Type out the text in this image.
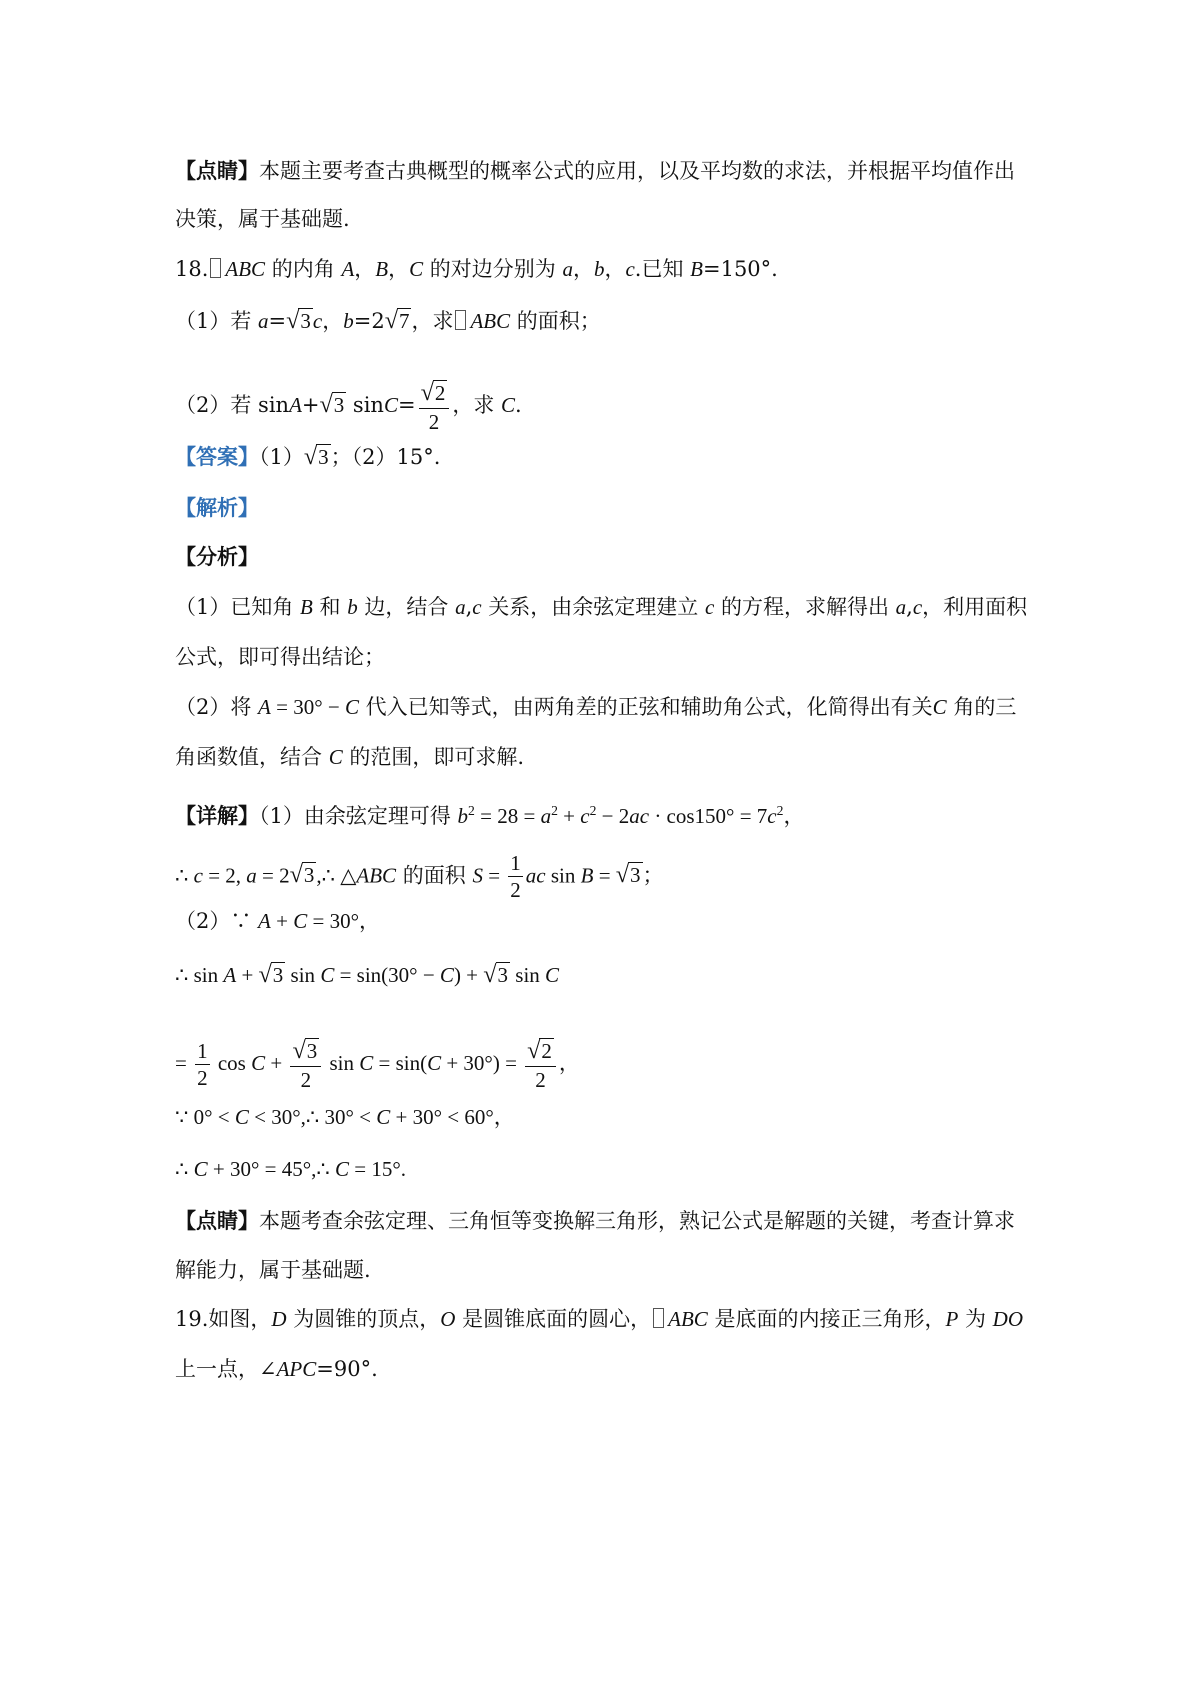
【点睛】本题主要考查古典概型的概率公式的应用，以及平均数的求法，并根据平均值作出
决策，属于基础题.
18. ABC 的内角 A，B，C 的对边分别为 a，b，c.已知 B=150°.
（1）若 a=√3c，b=2√7，求 ABC 的面积；
（2）若 sinA+√3 $\sin C= \frac{√2}{2}$ ，求 C.
【答案】（1）√3；（2）15°.
【解析】
【分析】
（1）已知角 B 和 b 边，结合 a,c 关系，由余弦定理建立 c 的方程，求解得出 a,c，利用面积
公式，即可得出结论；
（2）将 A = 30° − C 代入已知等式，由两角差的正弦和辅助角公式，化简得出有关C 角的三
角函数值，结合 C 的范围，即可求解.
【详解】（1）由余弦定理可得 $b^2 = 28 = a^2 + c^2 - 2ac \cdot \cos 150^\circ = 7c^2$，
∴ c = 2, a = 2√3,∴ △ABC 的面积 $S = \frac{1}{2}$ ac sin B = √3；
（2）∵ A + C = 30°，
∴ sin A + √3 sin C = sin(30° − C) + √3 sin C
= $\frac{1}{2}$ $\cos C + \frac{√3}{2}$ $\sin C = \sin(C + 30^\circ) = \frac{√2}{2}$ ，
∵ 0° < C < 30°,∴ 30° < C + 30° < 60°，
∴ C + 30° = 45°,∴ C = 15°.
【点睛】本题考查余弦定理、三角恒等变换解三角形，熟记公式是解题的关键，考查计算求
解能力，属于基础题.
19.如图，D 为圆锥的顶点，O 是圆锥底面的圆心， ABC 是底面的内接正三角形，P 为 DO
上一点，∠APC=90°.
